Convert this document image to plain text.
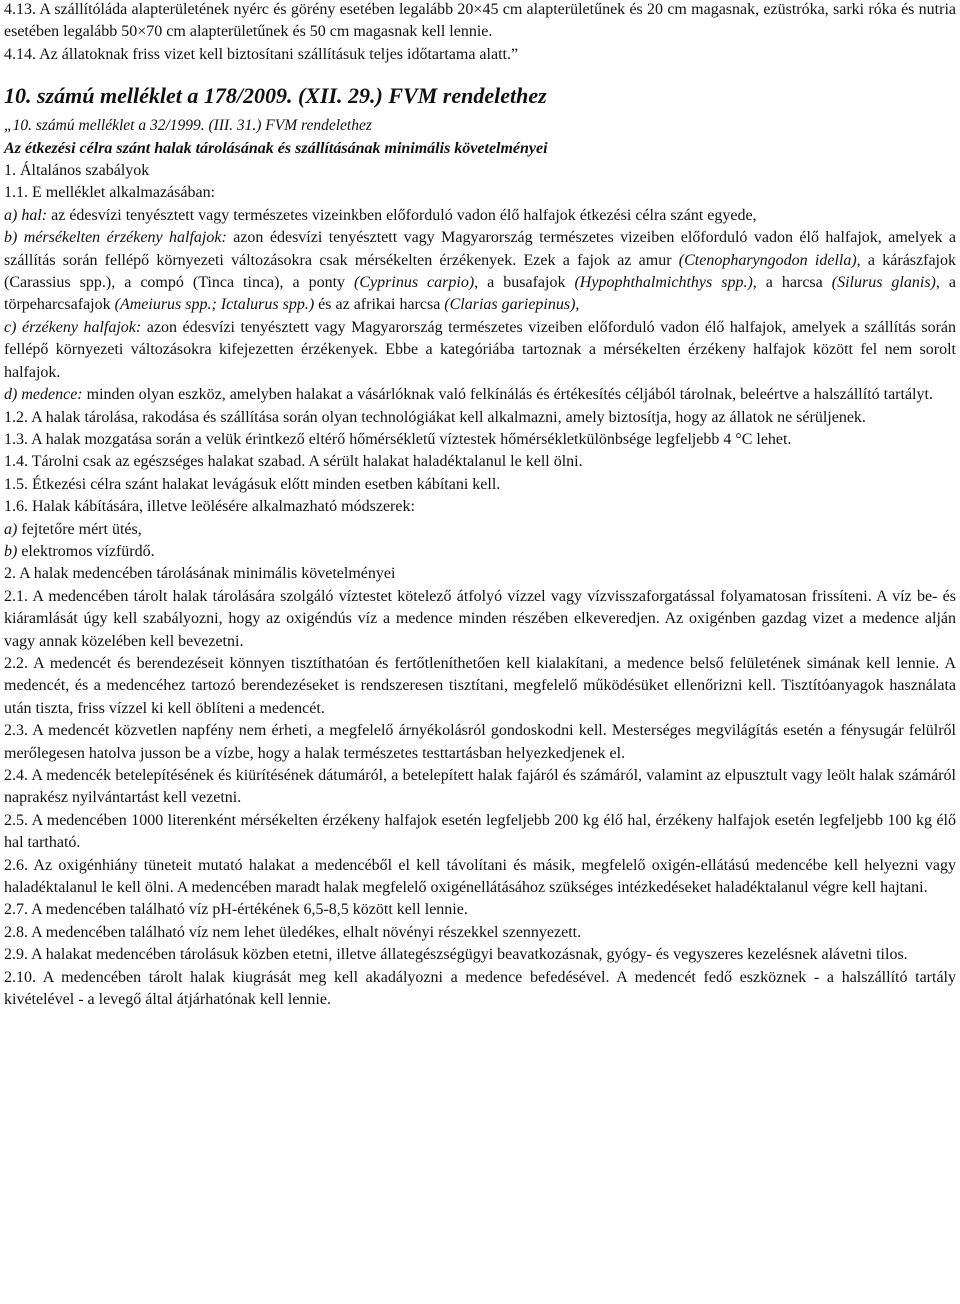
4.13. A szállítóláda alapterületének nyérc és görény esetében legalább 20×45 cm alapterületűnek és 20 cm magasnak, ezüstróka, sarki róka és nutria esetében legalább 50×70 cm alapterületűnek és 50 cm magasnak kell lennie.

4.14. Az állatoknak friss vizet kell biztosítani szállításuk teljes időtartama alatt.”

10. számú melléklet a 178/2009. (XII. 29.) FVM rendelethez

„10. számú melléklet a 32/1999. (III. 31.) FVM rendelethez

Az étkezési célra szánt halak tárolásának és szállításának minimális követelményei

1. Általános szabályok

1.1. E melléklet alkalmazásában:

a) hal: az édesvízi tenyésztett vagy természetes vizeinkben előforduló vadon élő halfajok étkezési célra szánt egyede,

b) mérsékelten érzékeny halfajok: azon édesvízi tenyésztett vagy Magyarország természetes vizeiben előforduló vadon élő halfajok, amelyek a szállítás során fellépő környezeti változásokra csak mérsékelten érzékenyek. Ezek a fajok az amur (Ctenopharyngodon idella), a kárászfajok (Carassius spp.), a compó (Tinca tinca), a ponty (Cyprinus carpio), a busafajok (Hypophthalmichthys spp.), a harcsa (Silurus glanis), a törpeharcsafajok (Ameiurus spp.; Ictalurus spp.) és az afrikai harcsa (Clarias gariepinus),

c) érzékeny halfajok: azon édesvízi tenyésztett vagy Magyarország természetes vizeiben előforduló vadon élő halfajok, amelyek a szállítás során fellépő környezeti változásokra kifejezetten érzékenyek. Ebbe a kategóriába tartoznak a mérsékelten érzékeny halfajok között fel nem sorolt halfajok.

d) medence: minden olyan eszköz, amelyben halakat a vásárlóknak való felkínálás és értékesítés céljából tárolnak, beleértve a halszállító tartályt.

1.2. A halak tárolása, rakodása és szállítása során olyan technológiákat kell alkalmazni, amely biztosítja, hogy az állatok ne sérüljenek.

1.3. A halak mozgatása során a velük érintkező eltérő hőmérsékletű víztestek hőmérsékletkülönbsége legfeljebb 4 °C lehet.

1.4. Tárolni csak az egészséges halakat szabad. A sérült halakat haladéktalanul le kell ölni.

1.5. Étkezési célra szánt halakat levágásuk előtt minden esetben kábítani kell.

1.6. Halak kábítására, illetve leölésére alkalmazható módszerek:

a) fejtetőre mért ütés,

b) elektromos vízfürdő.

2. A halak medencében tárolásának minimális követelményei

2.1. A medencében tárolt halak tárolására szolgáló víztestet kötelező átfolyó vízzel vagy vízvisszaforgatással folyamatosan frissíteni. A víz be- és kiáramlását úgy kell szabályozni, hogy az oxigéndús víz a medence minden részében elkeveredjen. Az oxigénben gazdag vizet a medence alján vagy annak közelében kell bevezetni.

2.2. A medencét és berendezéseit könnyen tisztíthatóan és fertőtleníthetően kell kialakítani, a medence belső felületének simának kell lennie. A medencét, és a medencéhez tartozó berendezéseket is rendszeresen tisztítani, megfelelő működésüket ellenőrizni kell. Tisztítóanyagok használata után tiszta, friss vízzel ki kell öblíteni a medencét.

2.3. A medencét közvetlen napfény nem érheti, a megfelelő árnyékolásról gondoskodni kell. Mesterséges megvilágítás esetén a fénysugár felülről merőlegesen hatolva jusson be a vízbe, hogy a halak természetes testtartásban helyezkedjenek el.

2.4. A medencék betelepítésének és kiürítésének dátumáról, a betelepített halak fajáról és számáról, valamint az elpusztult vagy leölt halak számáról naprakész nyilvántartást kell vezetni.

2.5. A medencében 1000 literenként mérsékelten érzékeny halfajok esetén legfeljebb 200 kg élő hal, érzékeny halfajok esetén legfeljebb 100 kg élő hal tartható.

2.6. Az oxigénhiány tüneteit mutató halakat a medencéből el kell távolítani és másik, megfelelő oxigén-ellátású medencébe kell helyezni vagy haladéktalanul le kell ölni. A medencében maradt halak megfelelő oxigénellátásához szükséges intézkedéseket haladéktalanul végre kell hajtani.

2.7. A medencében található víz pH-értékének 6,5-8,5 között kell lennie.

2.8. A medencében található víz nem lehet üledékes, elhalt növényi részekkel szennyezett.

2.9. A halakat medencében tárolásuk közben etetni, illetve állategészségügyi beavatkozásnak, gyógy- és vegyszeres kezelésnek alávetni tilos.

2.10. A medencében tárolt halak kiugrását meg kell akadályozni a medence befedésével. A medencét fedő eszköznek - a halszállító tartály kivételével - a levegő által átjárhatónak kell lennie.
